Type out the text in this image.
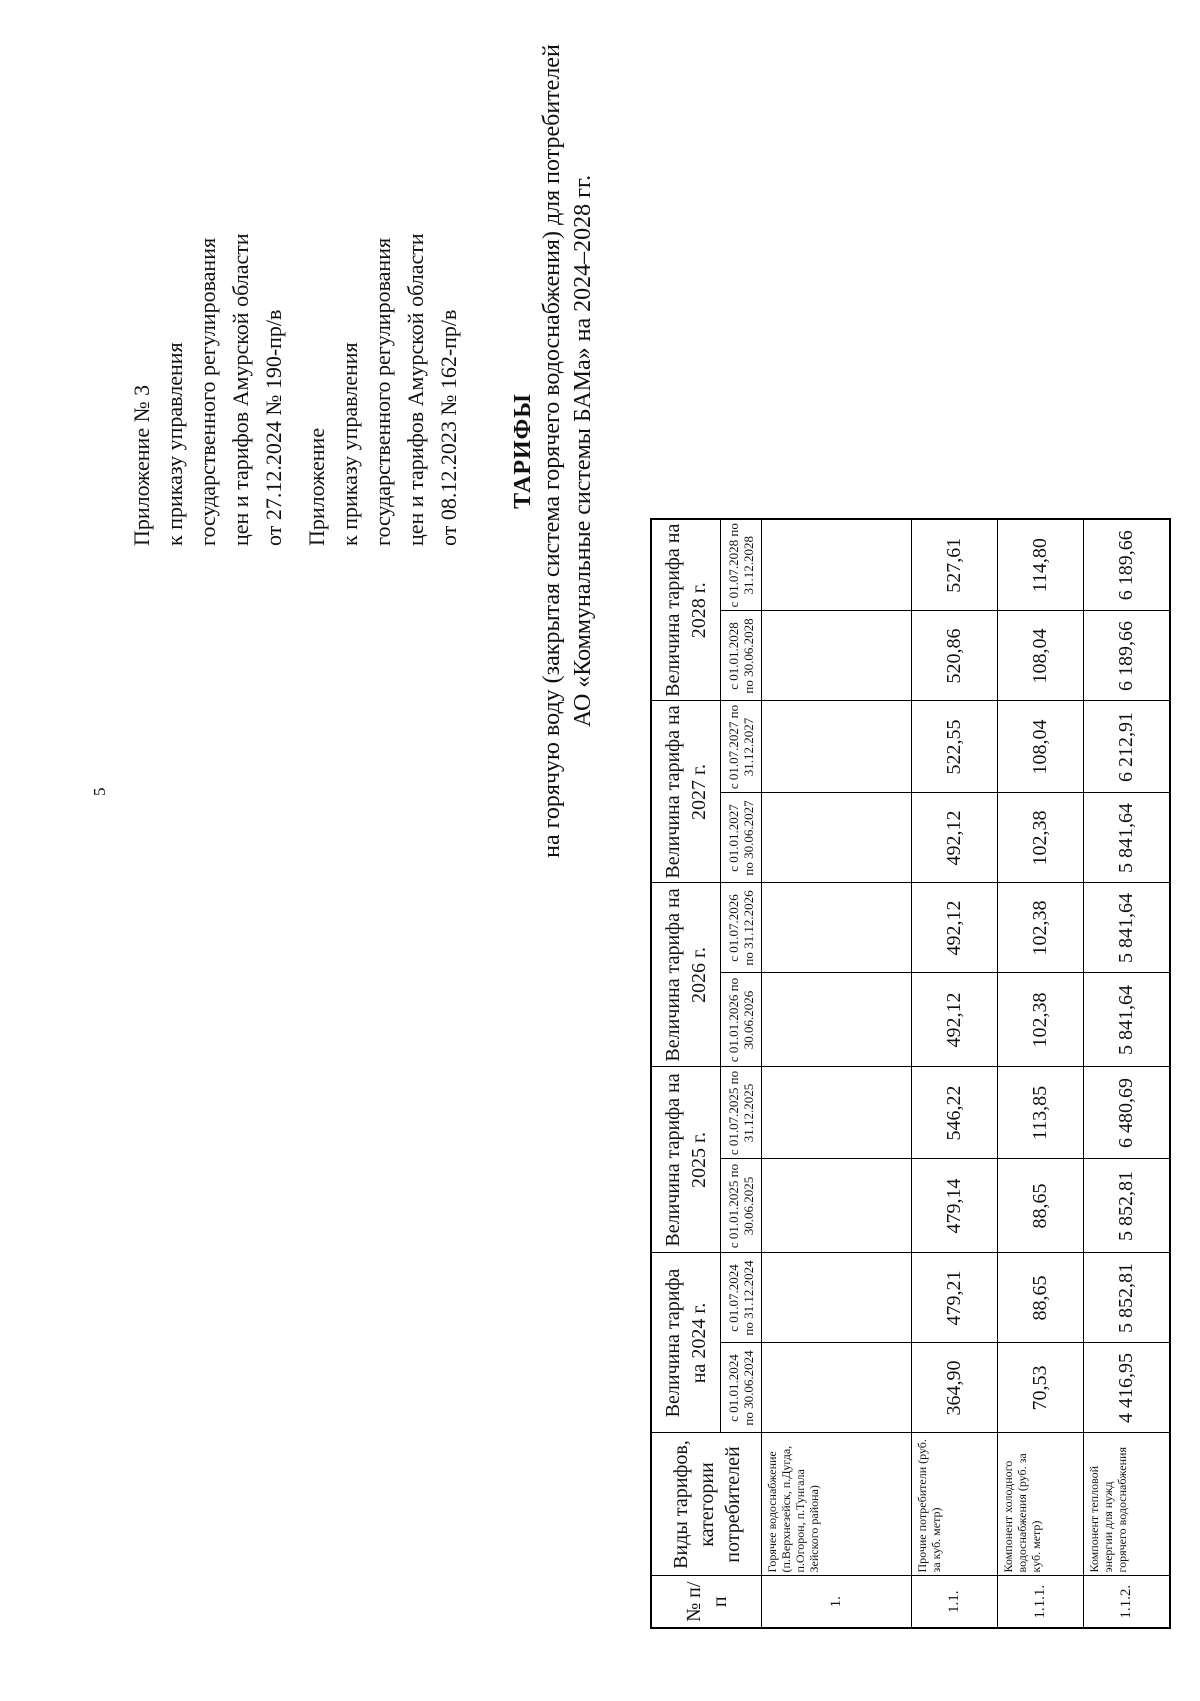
5
Приложение № 3 к приказу управления государственного регулирования цен и тарифов Амурской области от 27.12.2024 № 190-пр/в Приложение к приказу управления государственного регулирования цен и тарифов Амурской области от 08.12.2023 № 162-пр/в ТАРИФЫ на горячую воду (закрытая система горячего водоснабжения) для потребителей АО «Коммунальные системы БАМа» на 2024–2028 гг.
№ п/п	Виды тарифов, категории потребителей	Величина тарифа на 2024 г.		Величина тарифа на 2025 г.		Величина тарифа на 2026 г.		Величина тарифа на 2027 г.		Величина тарифа на 2028 г.	
		с 01.01.2024 по 30.06.2024	с 01.07.2024 по 31.12.2024	с 01.01.2025 по 30.06.2025	с 01.07.2025 по 31.12.2025	с 01.01.2026 по 30.06.2026	с 01.07.2026 по 31.12.2026	с 01.01.2027 по 30.06.2027	с 01.07.2027 по 31.12.2027	с 01.01.2028 по 30.06.2028	с 01.07.2028 по 31.12.2028
1.	Горячее водоснабжение (п.Верхнезейск, п.Дугда, п.Огорон, п.Тунгала Зейского района)										
1.1.	Прочие потребители (руб. за куб. метр)	364,90	479,21	479,14	546,22	492,12	492,12	492,12	522,55	520,86	527,61
1.1.1.	Компонент холодного водоснабжения (руб. за куб. метр)	70,53	88,65	88,65	113,85	102,38	102,38	102,38	108,04	108,04	114,80
1.1.2.	Компонент тепловой энергии для нужд горячего водоснабжения	4 416,95	5 852,81	5 852,81	6 480,69	5 841,64	5 841,64	5 841,64	6 212,91	6 189,66	6 189,66
